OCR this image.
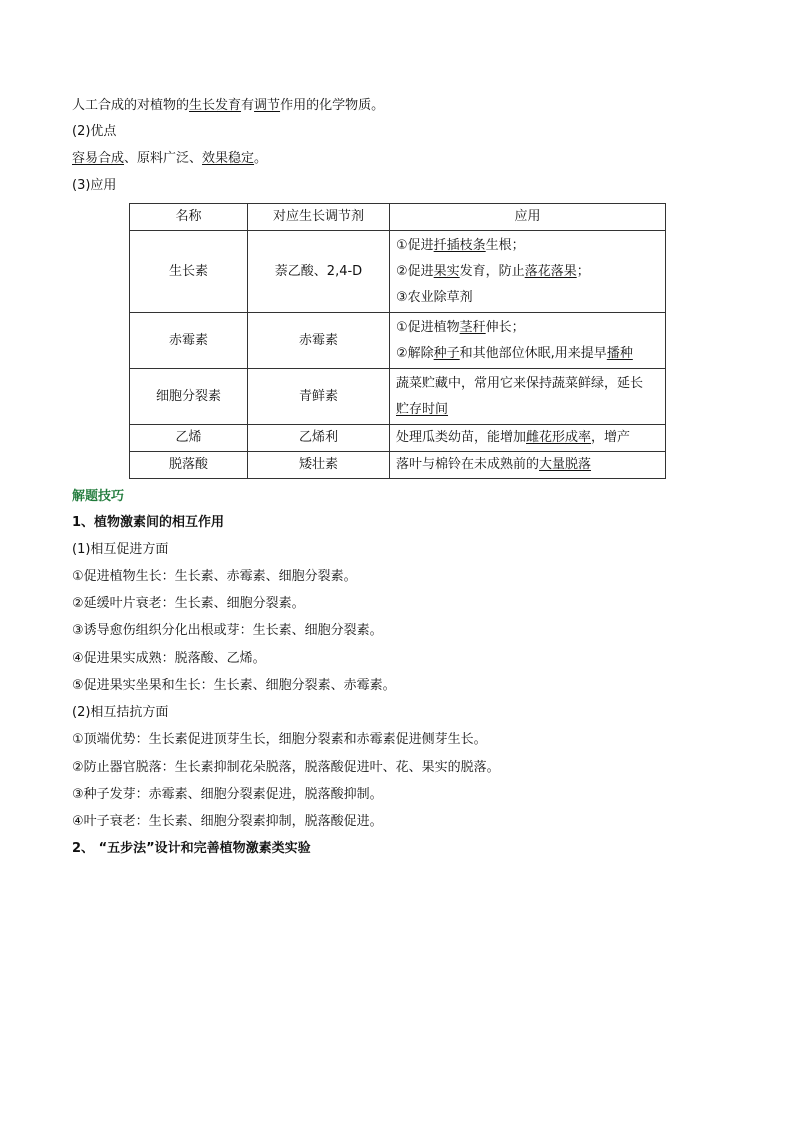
人工合成的对植物的生长发育有调节作用的化学物质。
(2)优点
容易合成、原料广泛、效果稳定。
(3)应用
名称	对应生长调节剂	应用
生长素	萘乙酸、2,4-D	①促进扦插枝条生根；
②促进果实发育，防止落花落果；
③农业除草剂

赤霉素	赤霉素	①促进植物茎秆伸长；
②解除种子和其他部位休眠,用来提早播种

细胞分裂素	青鲜素	蔬菜贮藏中，常用它来保持蔬菜鲜绿，延长
贮存时间

乙烯	乙烯利	处理瓜类幼苗，能增加雌花形成率，增产

脱落酸	矮壮素	落叶与棉铃在未成熟前的大量脱落
解题技巧
1、植物激素间的相互作用
(1)相互促进方面
①促进植物生长：生长素、赤霉素、细胞分裂素。
②延缓叶片衰老：生长素、细胞分裂素。
③诱导愈伤组织分化出根或芽：生长素、细胞分裂素。
④促进果实成熟：脱落酸、乙烯。
⑤促进果实坐果和生长：生长素、细胞分裂素、赤霉素。
(2)相互拮抗方面
①顶端优势：生长素促进顶芽生长，细胞分裂素和赤霉素促进侧芽生长。
②防止器官脱落：生长素抑制花朵脱落，脱落酸促进叶、花、果实的脱落。
③种子发芽：赤霉素、细胞分裂素促进，脱落酸抑制。
④叶子衰老：生长素、细胞分裂素抑制，脱落酸促进。
2、 “五步法”设计和完善植物激素类实验
